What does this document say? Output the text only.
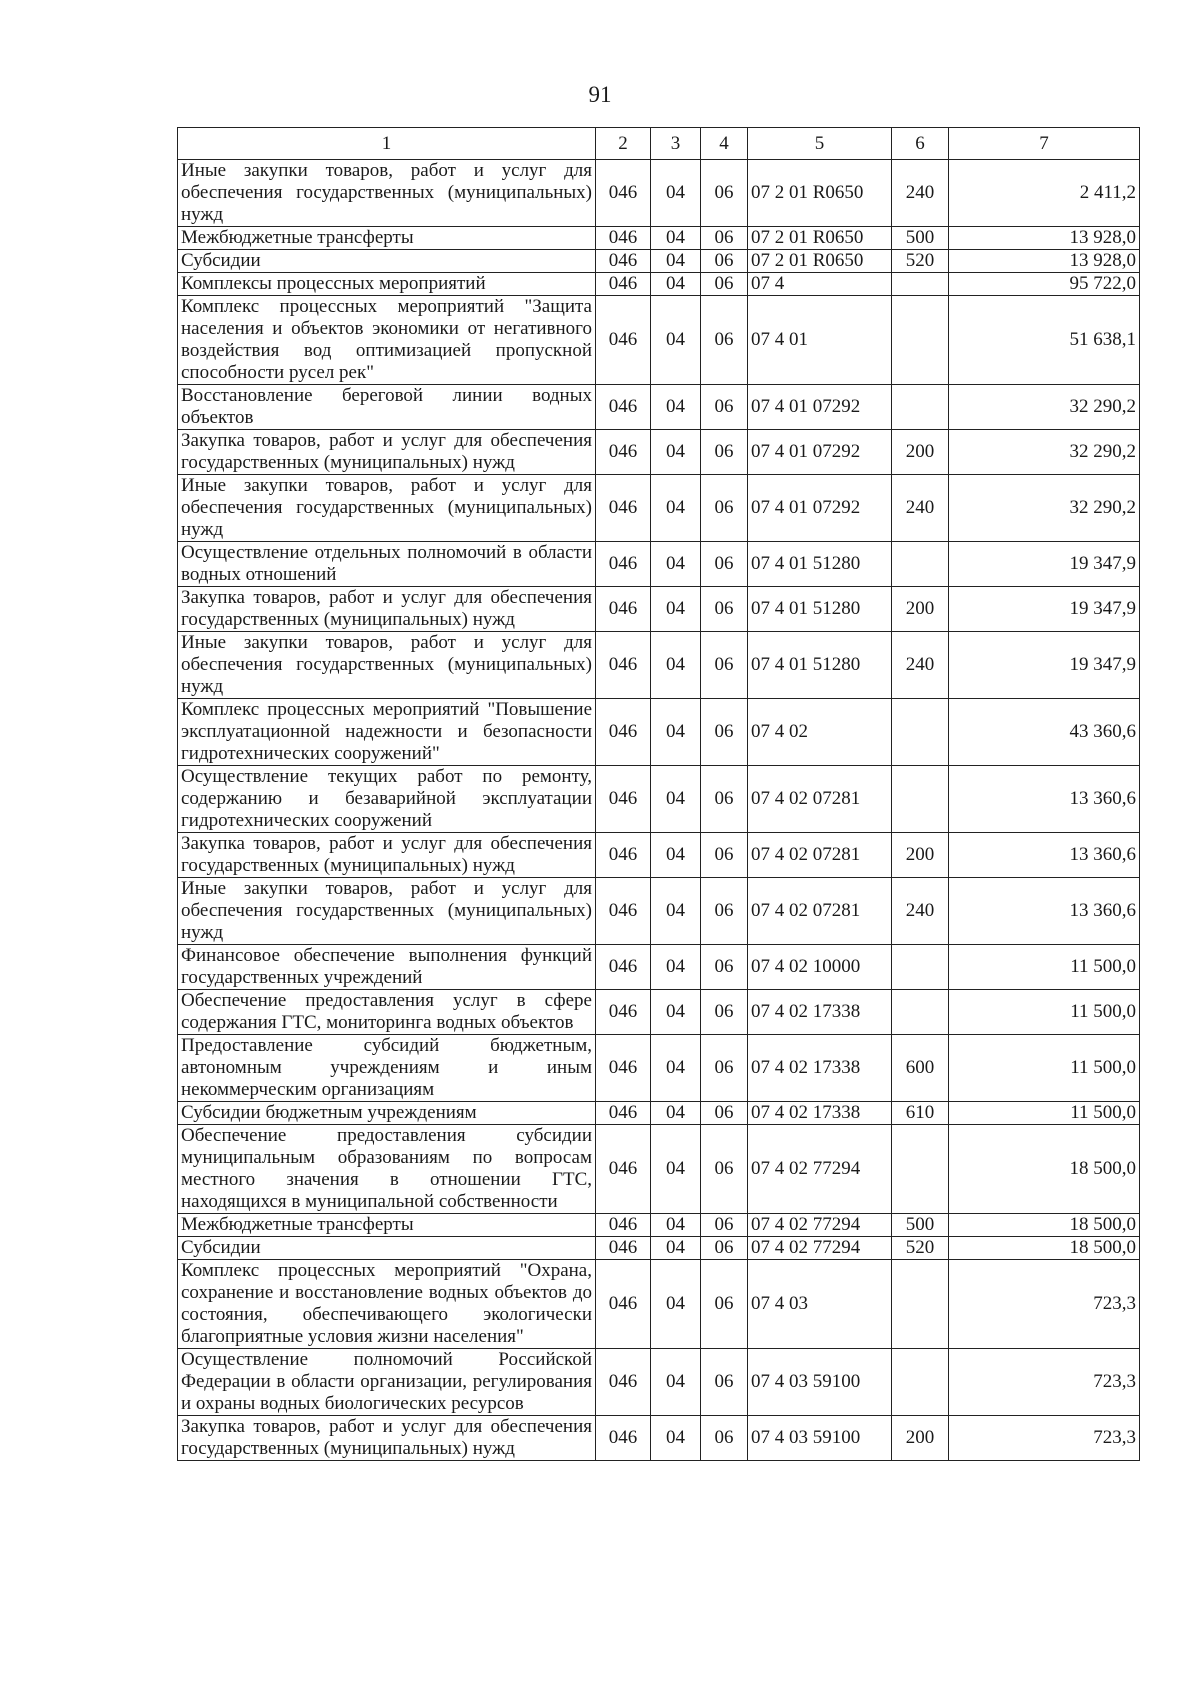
91
1	2	3	4	5	6	7
Иные закупки товаров, работ и услуг для обеспечения государственных (муниципальных) нужд	046	04	06	07 2 01 R0650	240	2 411,2
Межбюджетные трансферты	046	04	06	07 2 01 R0650	500	13 928,0
Субсидии	046	04	06	07 2 01 R0650	520	13 928,0
Комплексы процессных мероприятий	046	04	06	07 4		95 722,0
Комплекс процессных мероприятий "Защита населения и объектов экономики от негативного воздействия вод оптимизацией пропускной способности русел рек"	046	04	06	07 4 01		51 638,1
Восстановление береговой линии водных объектов	046	04	06	07 4 01 07292		32 290,2
Закупка товаров, работ и услуг для обеспечения государственных (муниципальных) нужд	046	04	06	07 4 01 07292	200	32 290,2
Иные закупки товаров, работ и услуг для обеспечения государственных (муниципальных) нужд	046	04	06	07 4 01 07292	240	32 290,2
Осуществление отдельных полномочий в области водных отношений	046	04	06	07 4 01 51280		19 347,9
Закупка товаров, работ и услуг для обеспечения государственных (муниципальных) нужд	046	04	06	07 4 01 51280	200	19 347,9
Иные закупки товаров, работ и услуг для обеспечения государственных (муниципальных) нужд	046	04	06	07 4 01 51280	240	19 347,9
Комплекс процессных мероприятий "Повышение эксплуатационной надежности и безопасности гидротехнических сооружений"	046	04	06	07 4 02		43 360,6
Осуществление текущих работ по ремонту, содержанию и безаварийной эксплуатации гидротехнических сооружений	046	04	06	07 4 02 07281		13 360,6
Закупка товаров, работ и услуг для обеспечения государственных (муниципальных) нужд	046	04	06	07 4 02 07281	200	13 360,6
Иные закупки товаров, работ и услуг для обеспечения государственных (муниципальных) нужд	046	04	06	07 4 02 07281	240	13 360,6
Финансовое обеспечение выполнения функций государственных учреждений	046	04	06	07 4 02 10000		11 500,0
Обеспечение предоставления услуг в сфере содержания ГТС, мониторинга водных объектов	046	04	06	07 4 02 17338		11 500,0
Предоставление субсидий бюджетным, автономным учреждениям и иным некоммерческим организациям	046	04	06	07 4 02 17338	600	11 500,0
Субсидии бюджетным учреждениям	046	04	06	07 4 02 17338	610	11 500,0
Обеспечение предоставления субсидии муниципальным образованиям по вопросам местного значения в отношении ГТС, находящихся в муниципальной собственности	046	04	06	07 4 02 77294		18 500,0
Межбюджетные трансферты	046	04	06	07 4 02 77294	500	18 500,0
Субсидии	046	04	06	07 4 02 77294	520	18 500,0
Комплекс процессных мероприятий "Охрана, сохранение и восстановление водных объектов до состояния, обеспечивающего экологически благоприятные условия жизни населения"	046	04	06	07 4 03		723,3
Осуществление полномочий Российской Федерации в области организации, регулирования и охраны водных биологических ресурсов	046	04	06	07 4 03 59100		723,3
Закупка товаров, работ и услуг для обеспечения государственных (муниципальных) нужд	046	04	06	07 4 03 59100	200	723,3
